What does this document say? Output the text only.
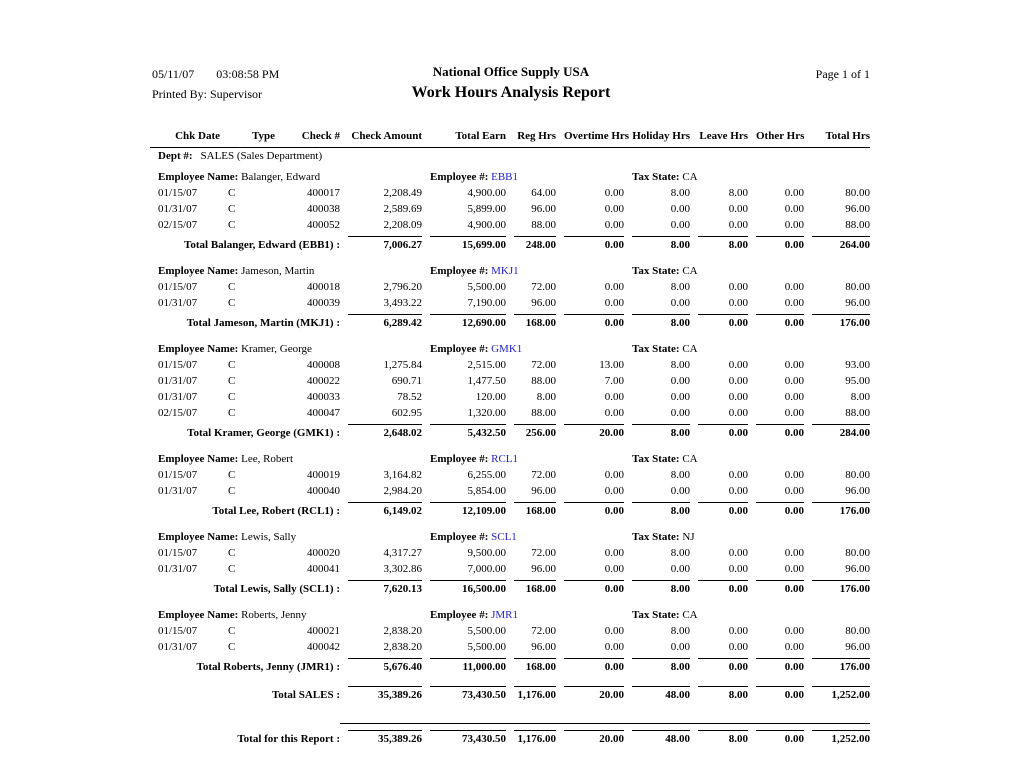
05/11/07 03:08:58 PM
Printed By: Supervisor
National Office Supply USA
Work Hours Analysis Report
Page 1 of 1
Chk Date	Type	Check #	Check Amount	Total Earn	Reg Hrs	Overtime Hrs	Holiday Hrs	Leave Hrs	Other Hrs	Total Hrs
Dept #: SALES (Sales Department)										

Employee Name: Balanger, Edward				Employee #: EBB1			Tax State: CA			
01/15/07	C	400017	2,208.49	4,900.00	64.00	0.00	8.00	8.00	0.00	80.00
01/31/07	C	400038	2,589.69	5,899.00	96.00	0.00	0.00	0.00	0.00	96.00
02/15/07	C	400052	2,208.09	4,900.00	88.00	0.00	0.00	0.00	0.00	88.00
Total Balanger, Edward (EBB1) :			7,006.27	15,699.00	248.00	0.00	8.00	8.00	0.00	264.00

Employee Name: Jameson, Martin				Employee #: MKJ1			Tax State: CA			
01/15/07	C	400018	2,796.20	5,500.00	72.00	0.00	8.00	0.00	0.00	80.00
01/31/07	C	400039	3,493.22	7,190.00	96.00	0.00	0.00	0.00	0.00	96.00
Total Jameson, Martin (MKJ1) :			6,289.42	12,690.00	168.00	0.00	8.00	0.00	0.00	176.00

Employee Name: Kramer, George				Employee #: GMK1			Tax State: CA			
01/15/07	C	400008	1,275.84	2,515.00	72.00	13.00	8.00	0.00	0.00	93.00
01/31/07	C	400022	690.71	1,477.50	88.00	7.00	0.00	0.00	0.00	95.00
01/31/07	C	400033	78.52	120.00	8.00	0.00	0.00	0.00	0.00	8.00
02/15/07	C	400047	602.95	1,320.00	88.00	0.00	0.00	0.00	0.00	88.00
Total Kramer, George (GMK1) :			2,648.02	5,432.50	256.00	20.00	8.00	0.00	0.00	284.00

Employee Name: Lee, Robert				Employee #: RCL1			Tax State: CA			
01/15/07	C	400019	3,164.82	6,255.00	72.00	0.00	8.00	0.00	0.00	80.00
01/31/07	C	400040	2,984.20	5,854.00	96.00	0.00	0.00	0.00	0.00	96.00
Total Lee, Robert (RCL1) :			6,149.02	12,109.00	168.00	0.00	8.00	0.00	0.00	176.00

Employee Name: Lewis, Sally				Employee #: SCL1			Tax State: NJ			
01/15/07	C	400020	4,317.27	9,500.00	72.00	0.00	8.00	0.00	0.00	80.00
01/31/07	C	400041	3,302.86	7,000.00	96.00	0.00	0.00	0.00	0.00	96.00
Total Lewis, Sally (SCL1) :			7,620.13	16,500.00	168.00	0.00	8.00	0.00	0.00	176.00

Employee Name: Roberts, Jenny				Employee #: JMR1			Tax State: CA			
01/15/07	C	400021	2,838.20	5,500.00	72.00	0.00	8.00	0.00	0.00	80.00
01/31/07	C	400042	2,838.20	5,500.00	96.00	0.00	0.00	0.00	0.00	96.00
Total Roberts, Jenny (JMR1) :			5,676.40	11,000.00	168.00	0.00	8.00	0.00	0.00	176.00

Total SALES :			35,389.26	73,430.50	1,176.00	20.00	48.00	8.00	0.00	1,252.00

Total for this Report :			35,389.26	73,430.50	1,176.00	20.00	48.00	8.00	0.00	1,252.00
